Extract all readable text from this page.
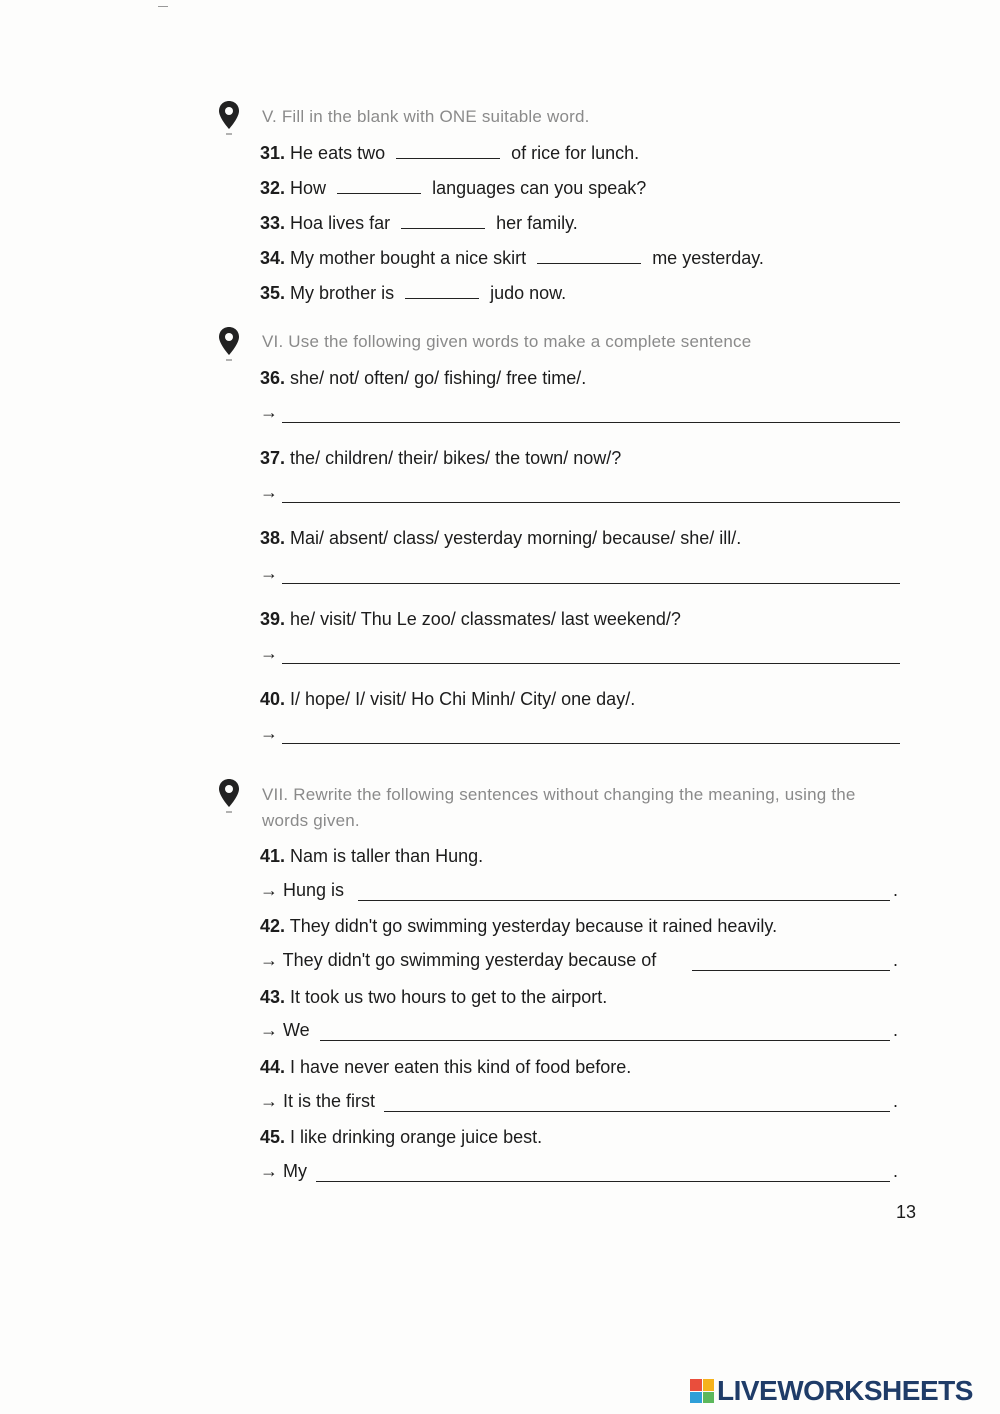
V. Fill in the blank with ONE suitable word.
31. He eats two	of rice for lunch.
32. How	languages can you speak?
33. Hoa lives far	her family.
34. My mother bought a nice skirt	me yesterday.
35. My brother is	judo now.
VI. Use the following given words to make a complete sentence
36. she/ not/ often/ go/ fishing/ free time/.
→
37. the/ children/ their/ bikes/ the town/ now/?
→
38. Mai/ absent/ class/ yesterday morning/ because/ she/ ill/.
→
39. he/ visit/ Thu Le zoo/ classmates/ last weekend/?
→
40. I/ hope/ I/ visit/ Ho Chi Minh/ City/ one day/.
→
VII. Rewrite the following sentences without changing the meaning, using the words given.
41. Nam is taller than Hung.
→ Hung is	.
42. They didn't go swimming yesterday because it rained heavily.
→ They didn't go swimming yesterday because of	.
43. It took us two hours to get to the airport.
→ We	.
44. I have never eaten this kind of food before.
→ It is the first	.
45. I like drinking orange juice best.
→ My	.
13
LIVEWORKSHEETS
